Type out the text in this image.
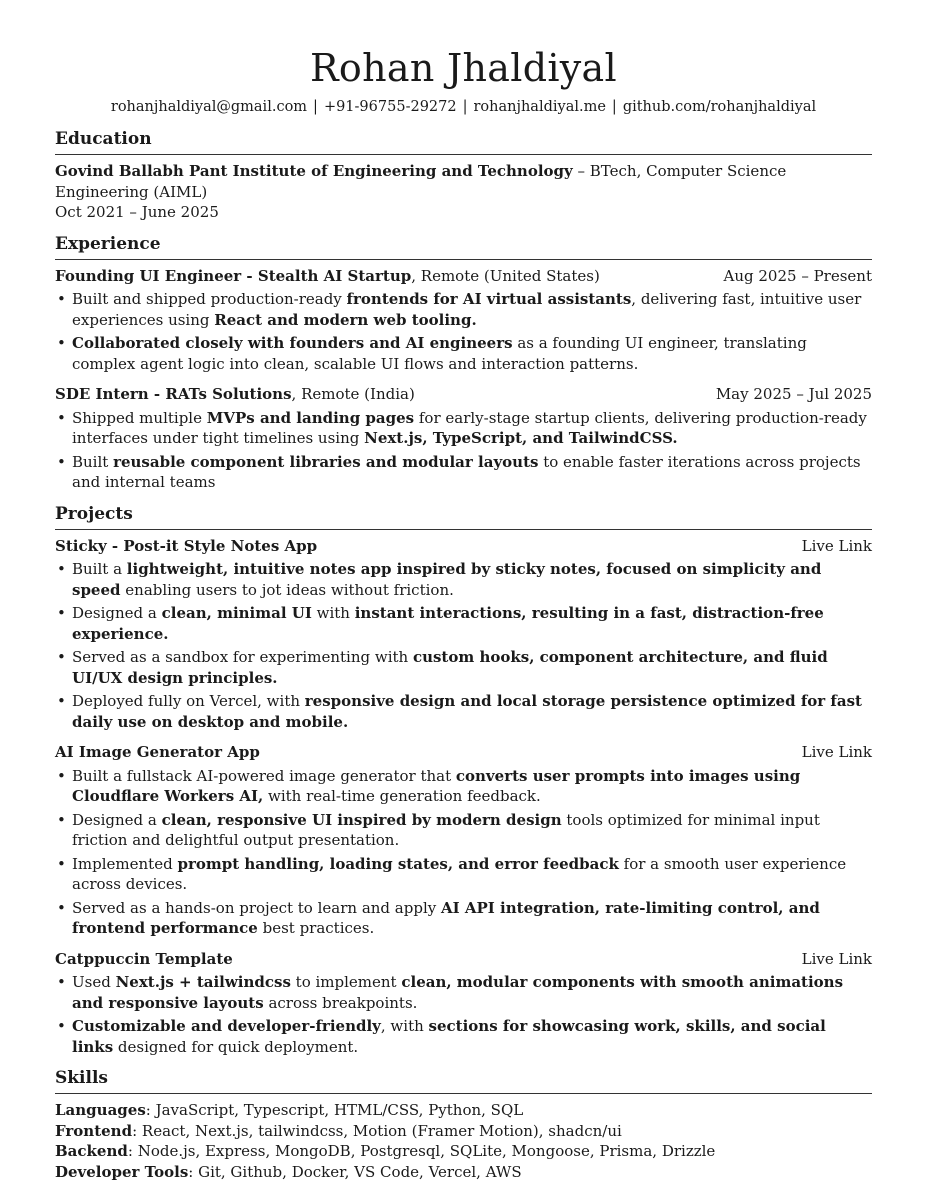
Rohan Jhaldiyal
rohanjhaldiyal@gmail.com | +91-96755-29272 | rohanjhaldiyal.me | github.com/rohanjhaldiyal
Education
Govind Ballabh Pant Institute of Engineering and Technology – BTech, Computer Science Engineering (AIML)
Oct 2021 – June 2025
Experience
Founding UI Engineer - Stealth AI Startup, Remote (United States)	Aug 2025 – Present
• Built and shipped production-ready frontends for AI virtual assistants, delivering fast, intuitive user experiences using React and modern web tooling.
• Collaborated closely with founders and AI engineers as a founding UI engineer, translating complex agent logic into clean, scalable UI flows and interaction patterns.
SDE Intern - RATs Solutions, Remote (India)	May 2025 – Jul 2025
• Shipped multiple MVPs and landing pages for early-stage startup clients, delivering production-ready interfaces under tight timelines using Next.js, TypeScript, and TailwindCSS.
• Built reusable component libraries and modular layouts to enable faster iterations across projects and internal teams
Projects
Sticky - Post-it Style Notes App	Live Link
• Built a lightweight, intuitive notes app inspired by sticky notes, focused on simplicity and speed enabling users to jot ideas without friction.
• Designed a clean, minimal UI with instant interactions, resulting in a fast, distraction-free experience.
• Served as a sandbox for experimenting with custom hooks, component architecture, and fluid UI/UX design principles.
• Deployed fully on Vercel, with responsive design and local storage persistence optimized for fast daily use on desktop and mobile.
AI Image Generator App	Live Link
• Built a fullstack AI-powered image generator that converts user prompts into images using Cloudflare Workers AI, with real-time generation feedback.
• Designed a clean, responsive UI inspired by modern design tools optimized for minimal input friction and delightful output presentation.
• Implemented prompt handling, loading states, and error feedback for a smooth user experience across devices.
• Served as a hands-on project to learn and apply AI API integration, rate-limiting control, and frontend performance best practices.
Catppuccin Template	Live Link
• Used Next.js + tailwindcss to implement clean, modular components with smooth animations and responsive layouts across breakpoints.
• Customizable and developer-friendly, with sections for showcasing work, skills, and social links designed for quick deployment.
Skills
Languages: JavaScript, Typescript, HTML/CSS, Python, SQL
Frontend: React, Next.js, tailwindcss, Motion (Framer Motion), shadcn/ui
Backend: Node.js, Express, MongoDB, Postgresql, SQLite, Mongoose, Prisma, Drizzle
Developer Tools: Git, Github, Docker, VS Code, Vercel, AWS
